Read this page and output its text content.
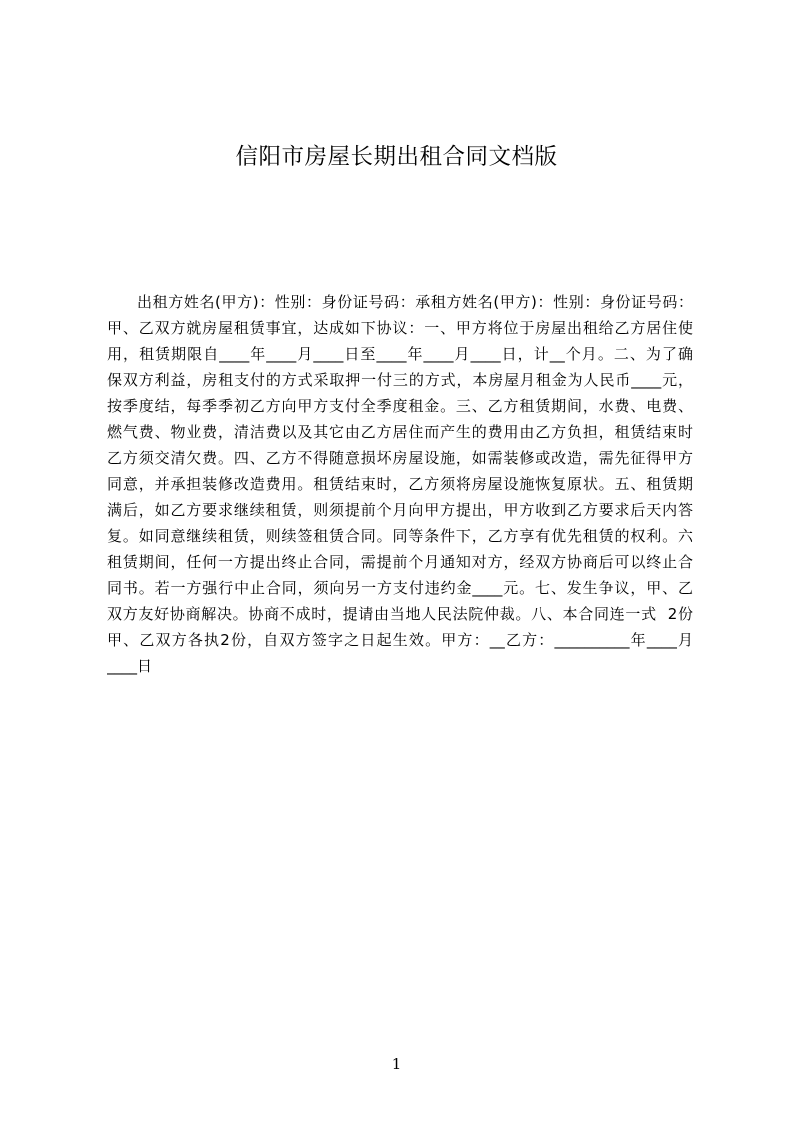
信阳市房屋长期出租合同文档版
出租方姓名(甲方)：性别：身份证号码：承租方姓名(甲方)：性别：身份证号码：
甲、乙双方就房屋租赁事宜，达成如下协议：一、甲方将位于房屋出租给乙方居住使
用，租赁期限自____年____月____日至____年____月____日，计__个月。二、为了确
保双方利益，房租支付的方式采取押一付三的方式，本房屋月租金为人民币____元，
按季度结，每季季初乙方向甲方支付全季度租金。三、乙方租赁期间，水费、电费、
燃气费、物业费，清洁费以及其它由乙方居住而产生的费用由乙方负担，租赁结束时
乙方须交清欠费。四、乙方不得随意损坏房屋设施，如需装修或改造，需先征得甲方
同意，并承担装修改造费用。租赁结束时，乙方须将房屋设施恢复原状。五、租赁期
满后，如乙方要求继续租赁，则须提前个月向甲方提出，甲方收到乙方要求后天内答
复。如同意继续租赁，则续签租赁合同。同等条件下，乙方享有优先租赁的权利。六
租赁期间，任何一方提出终止合同，需提前个月通知对方，经双方协商后可以终止合
同书。若一方强行中止合同，须向另一方支付违约金____元。七、发生争议，甲、乙
双方友好协商解决。协商不成时，提请由当地人民法院仲裁。八、本合同连一式  2份
甲、乙双方各执2份，自双方签字之日起生效。甲方：__乙方：__________年____月
____日
1
